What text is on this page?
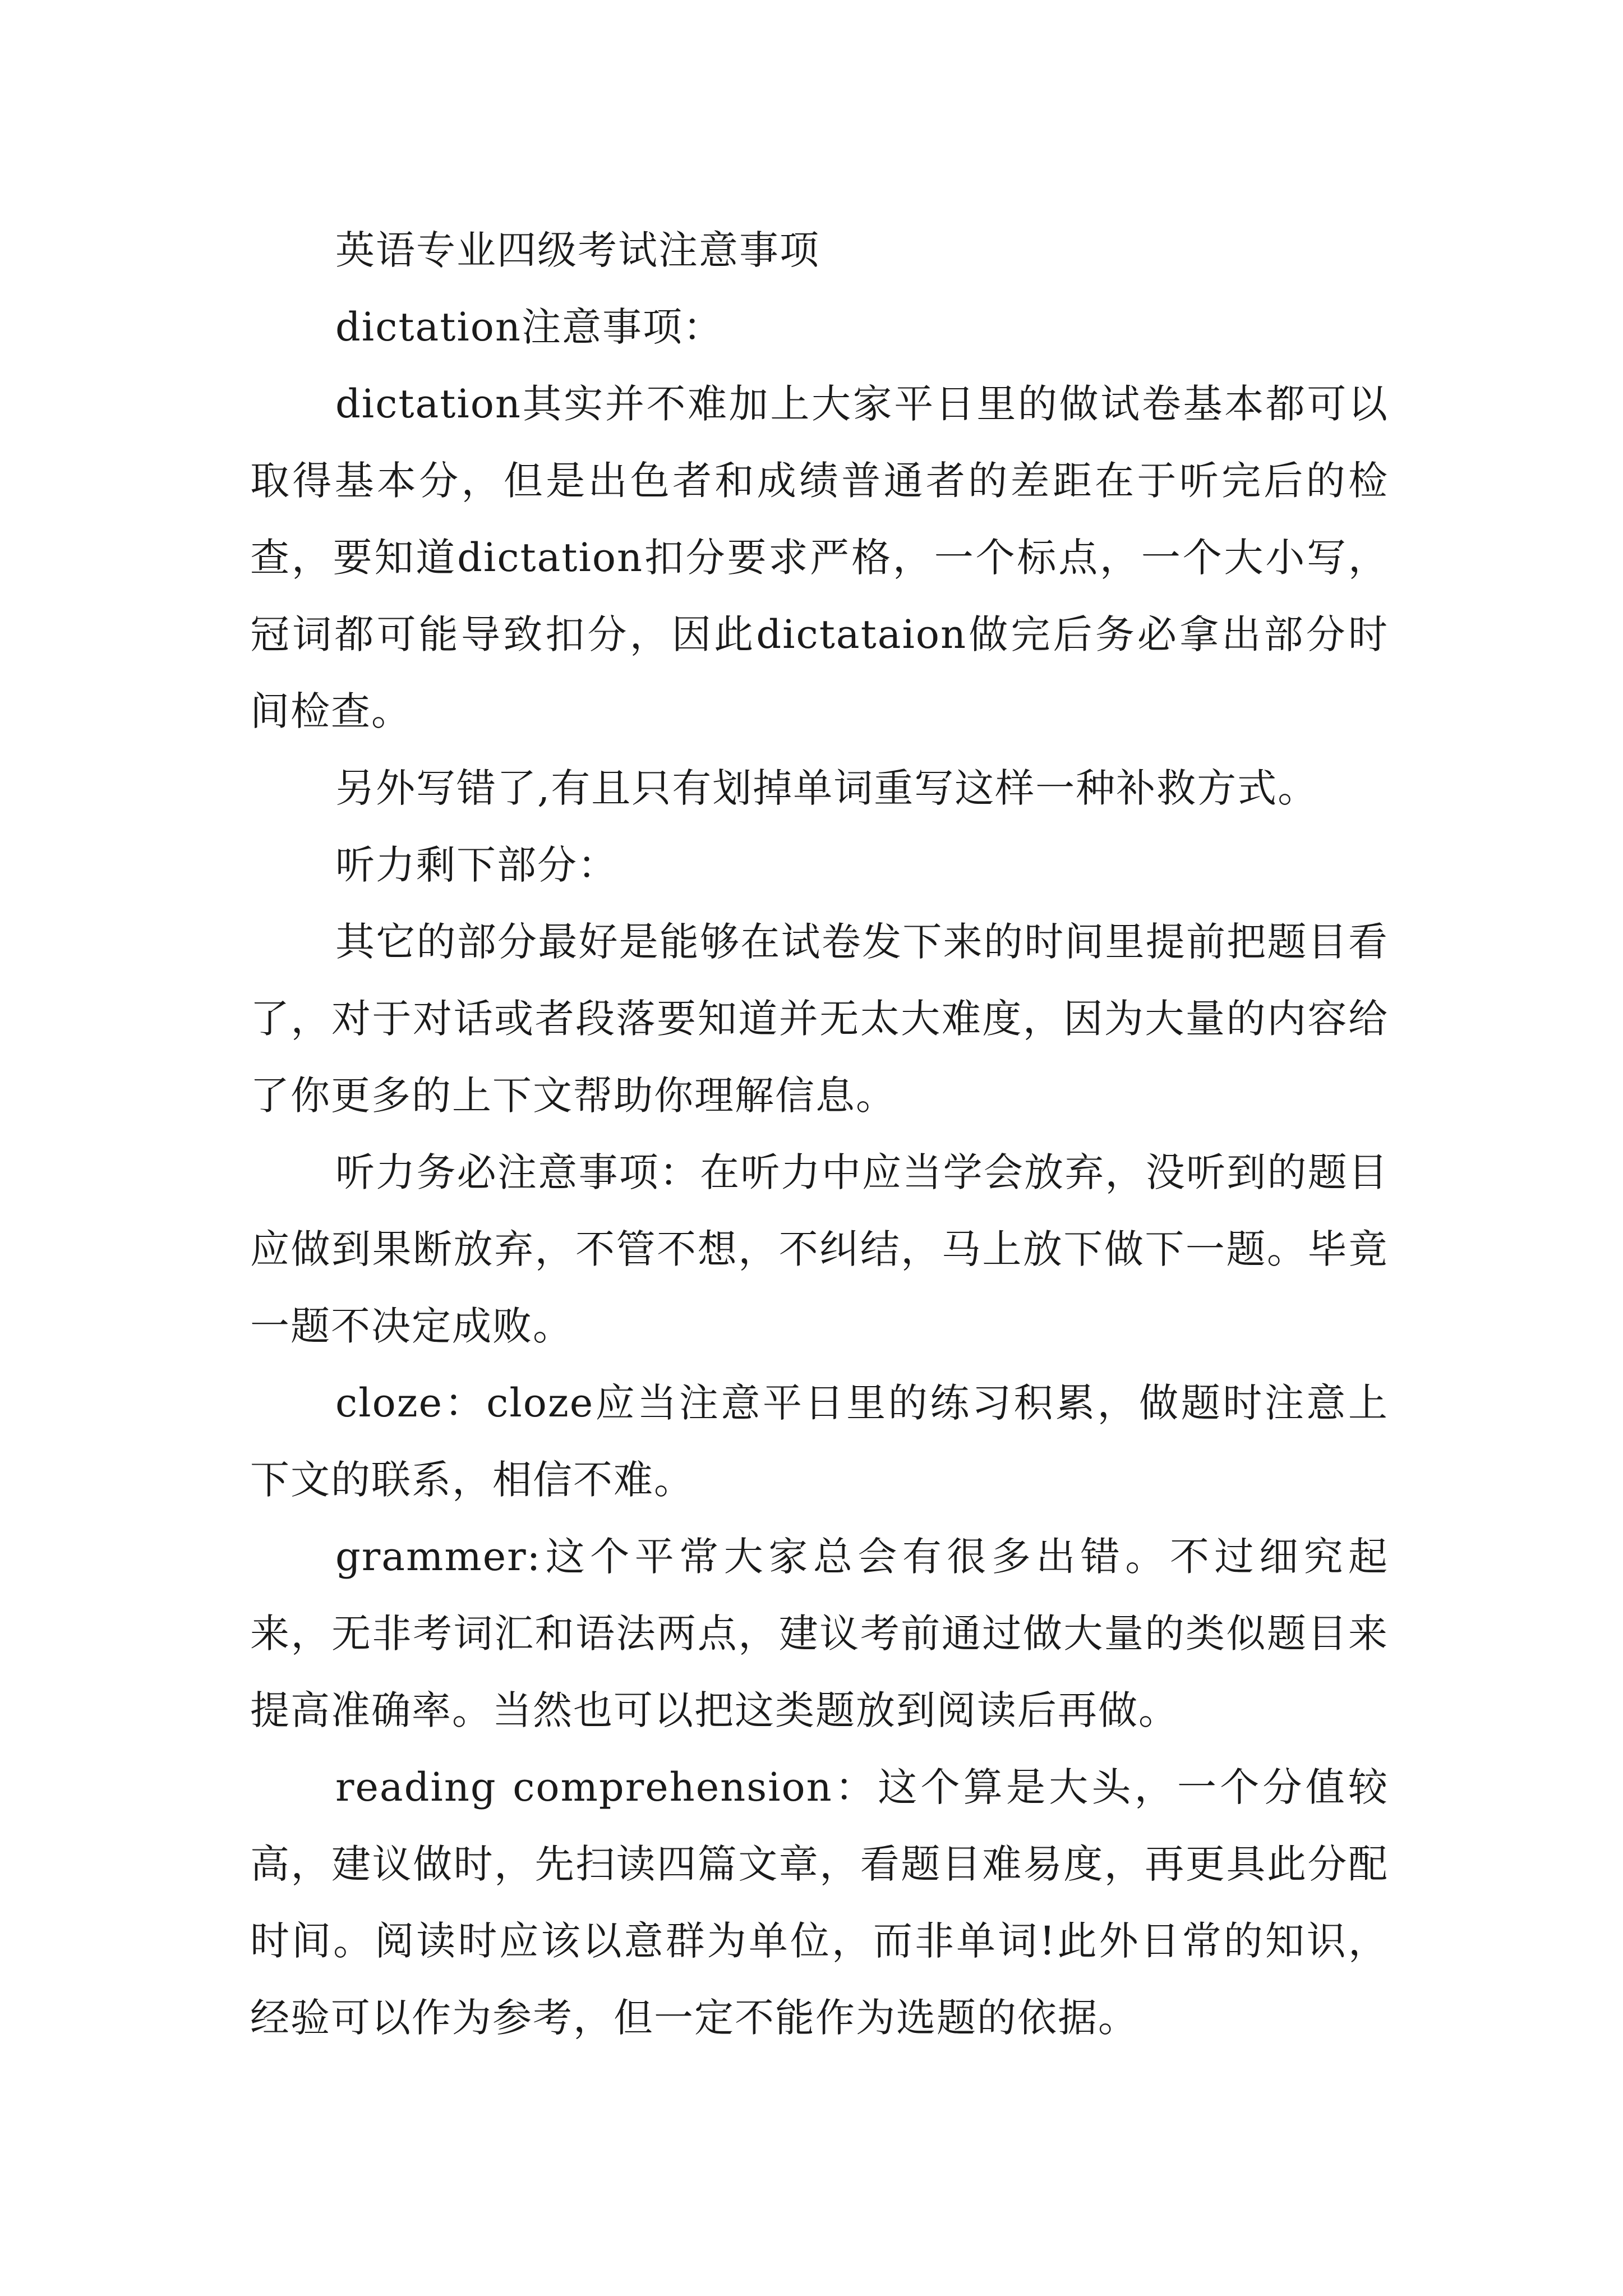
英语专业四级考试注意事项

dictation注意事项：

dictation其实并不难加上大家平日里的做试卷基本都可以取得基本分，但是出色者和成绩普通者的差距在于听完后的检查，要知道dictation扣分要求严格，一个标点，一个大小写，冠词都可能导致扣分，因此dictataion做完后务必拿出部分时间检查。

另外写错了,有且只有划掉单词重写这样一种补救方式。

听力剩下部分：

其它的部分最好是能够在试卷发下来的时间里提前把题目看了，对于对话或者段落要知道并无太大难度，因为大量的内容给了你更多的上下文帮助你理解信息。

听力务必注意事项：在听力中应当学会放弃，没听到的题目应做到果断放弃，不管不想，不纠结，马上放下做下一题。毕竟一题不决定成败。

cloze：cloze应当注意平日里的练习积累，做题时注意上下文的联系，相信不难。

grammer:这个平常大家总会有很多出错。不过细究起来，无非考词汇和语法两点，建议考前通过做大量的类似题目来提高准确率。当然也可以把这类题放到阅读后再做。

reading comprehension：这个算是大头，一个分值较高，建议做时，先扫读四篇文章，看题目难易度，再更具此分配时间。阅读时应该以意群为单位，而非单词!此外日常的知识，经验可以作为参考，但一定不能作为选题的依据。
